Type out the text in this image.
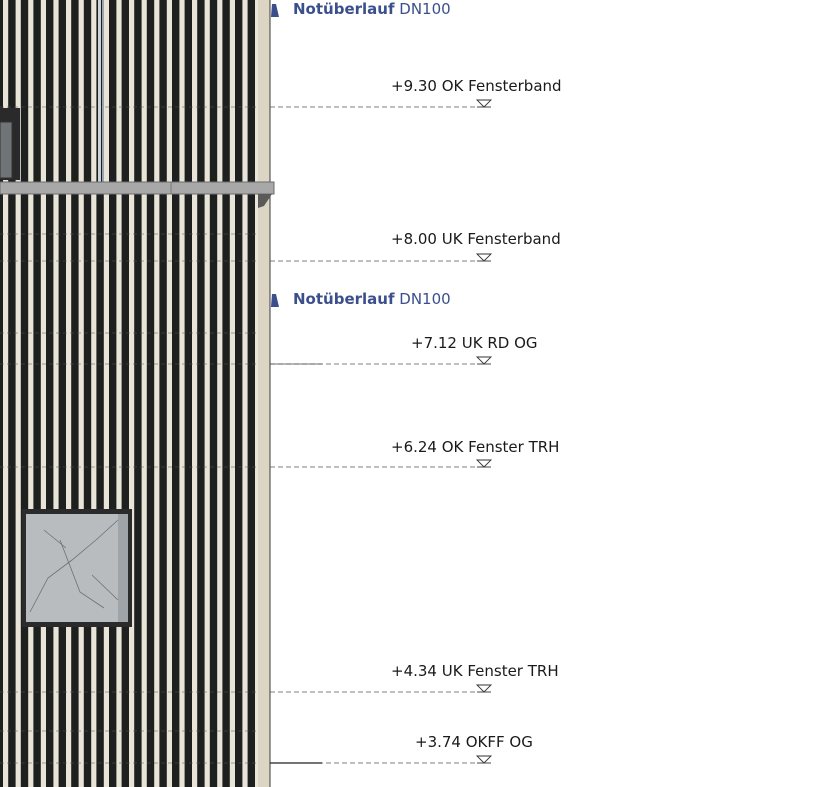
Notüberlauf DN100
Notüberlauf DN100
+9.30 OK Fensterband
+8.00 UK Fensterband
+7.12 UK RD OG
+6.24 OK Fenster TRH
+4.34 UK Fenster TRH
+3.74 OKFF OG
